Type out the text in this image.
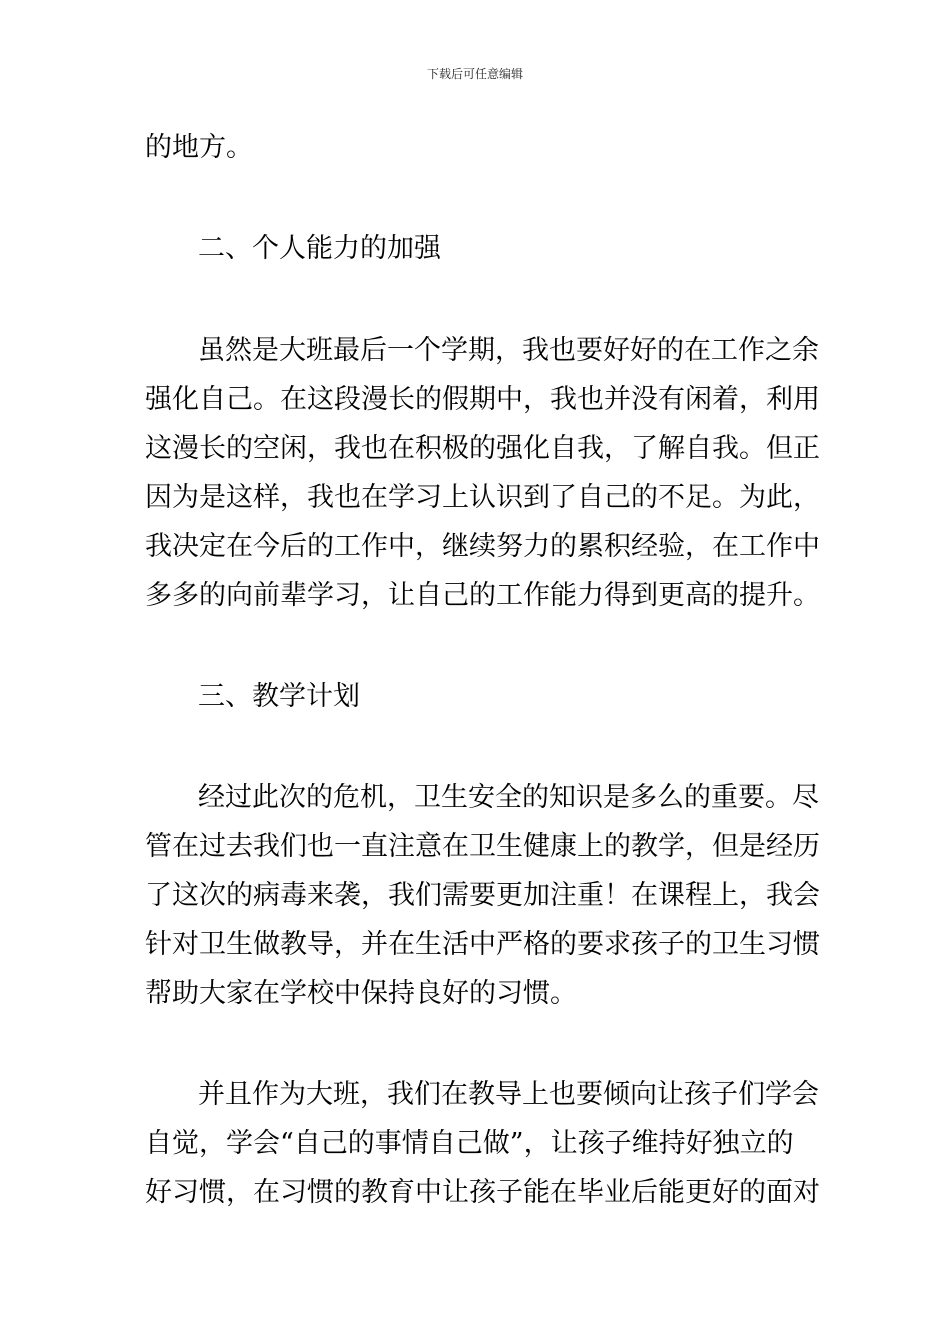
下载后可任意编辑
的地方。
二、个人能力的加强
虽然是大班最后一个学期，我也要好好的在工作之余
强化自己。在这段漫长的假期中，我也并没有闲着，利用
这漫长的空闲，我也在积极的强化自我，了解自我。但正
因为是这样，我也在学习上认识到了自己的不足。为此，
我决定在今后的工作中，继续努力的累积经验，在工作中
多多的向前辈学习，让自己的工作能力得到更高的提升。
三、教学计划
经过此次的危机，卫生安全的知识是多么的重要。尽
管在过去我们也一直注意在卫生健康上的教学，但是经历
了这次的病毒来袭，我们需要更加注重！在课程上，我会
针对卫生做教导，并在生活中严格的要求孩子的卫生习惯
帮助大家在学校中保持良好的习惯。
并且作为大班，我们在教导上也要倾向让孩子们学会
自觉，学会“自己的事情自己做”，让孩子维持好独立的
好习惯，在习惯的教育中让孩子能在毕业后能更好的面对
